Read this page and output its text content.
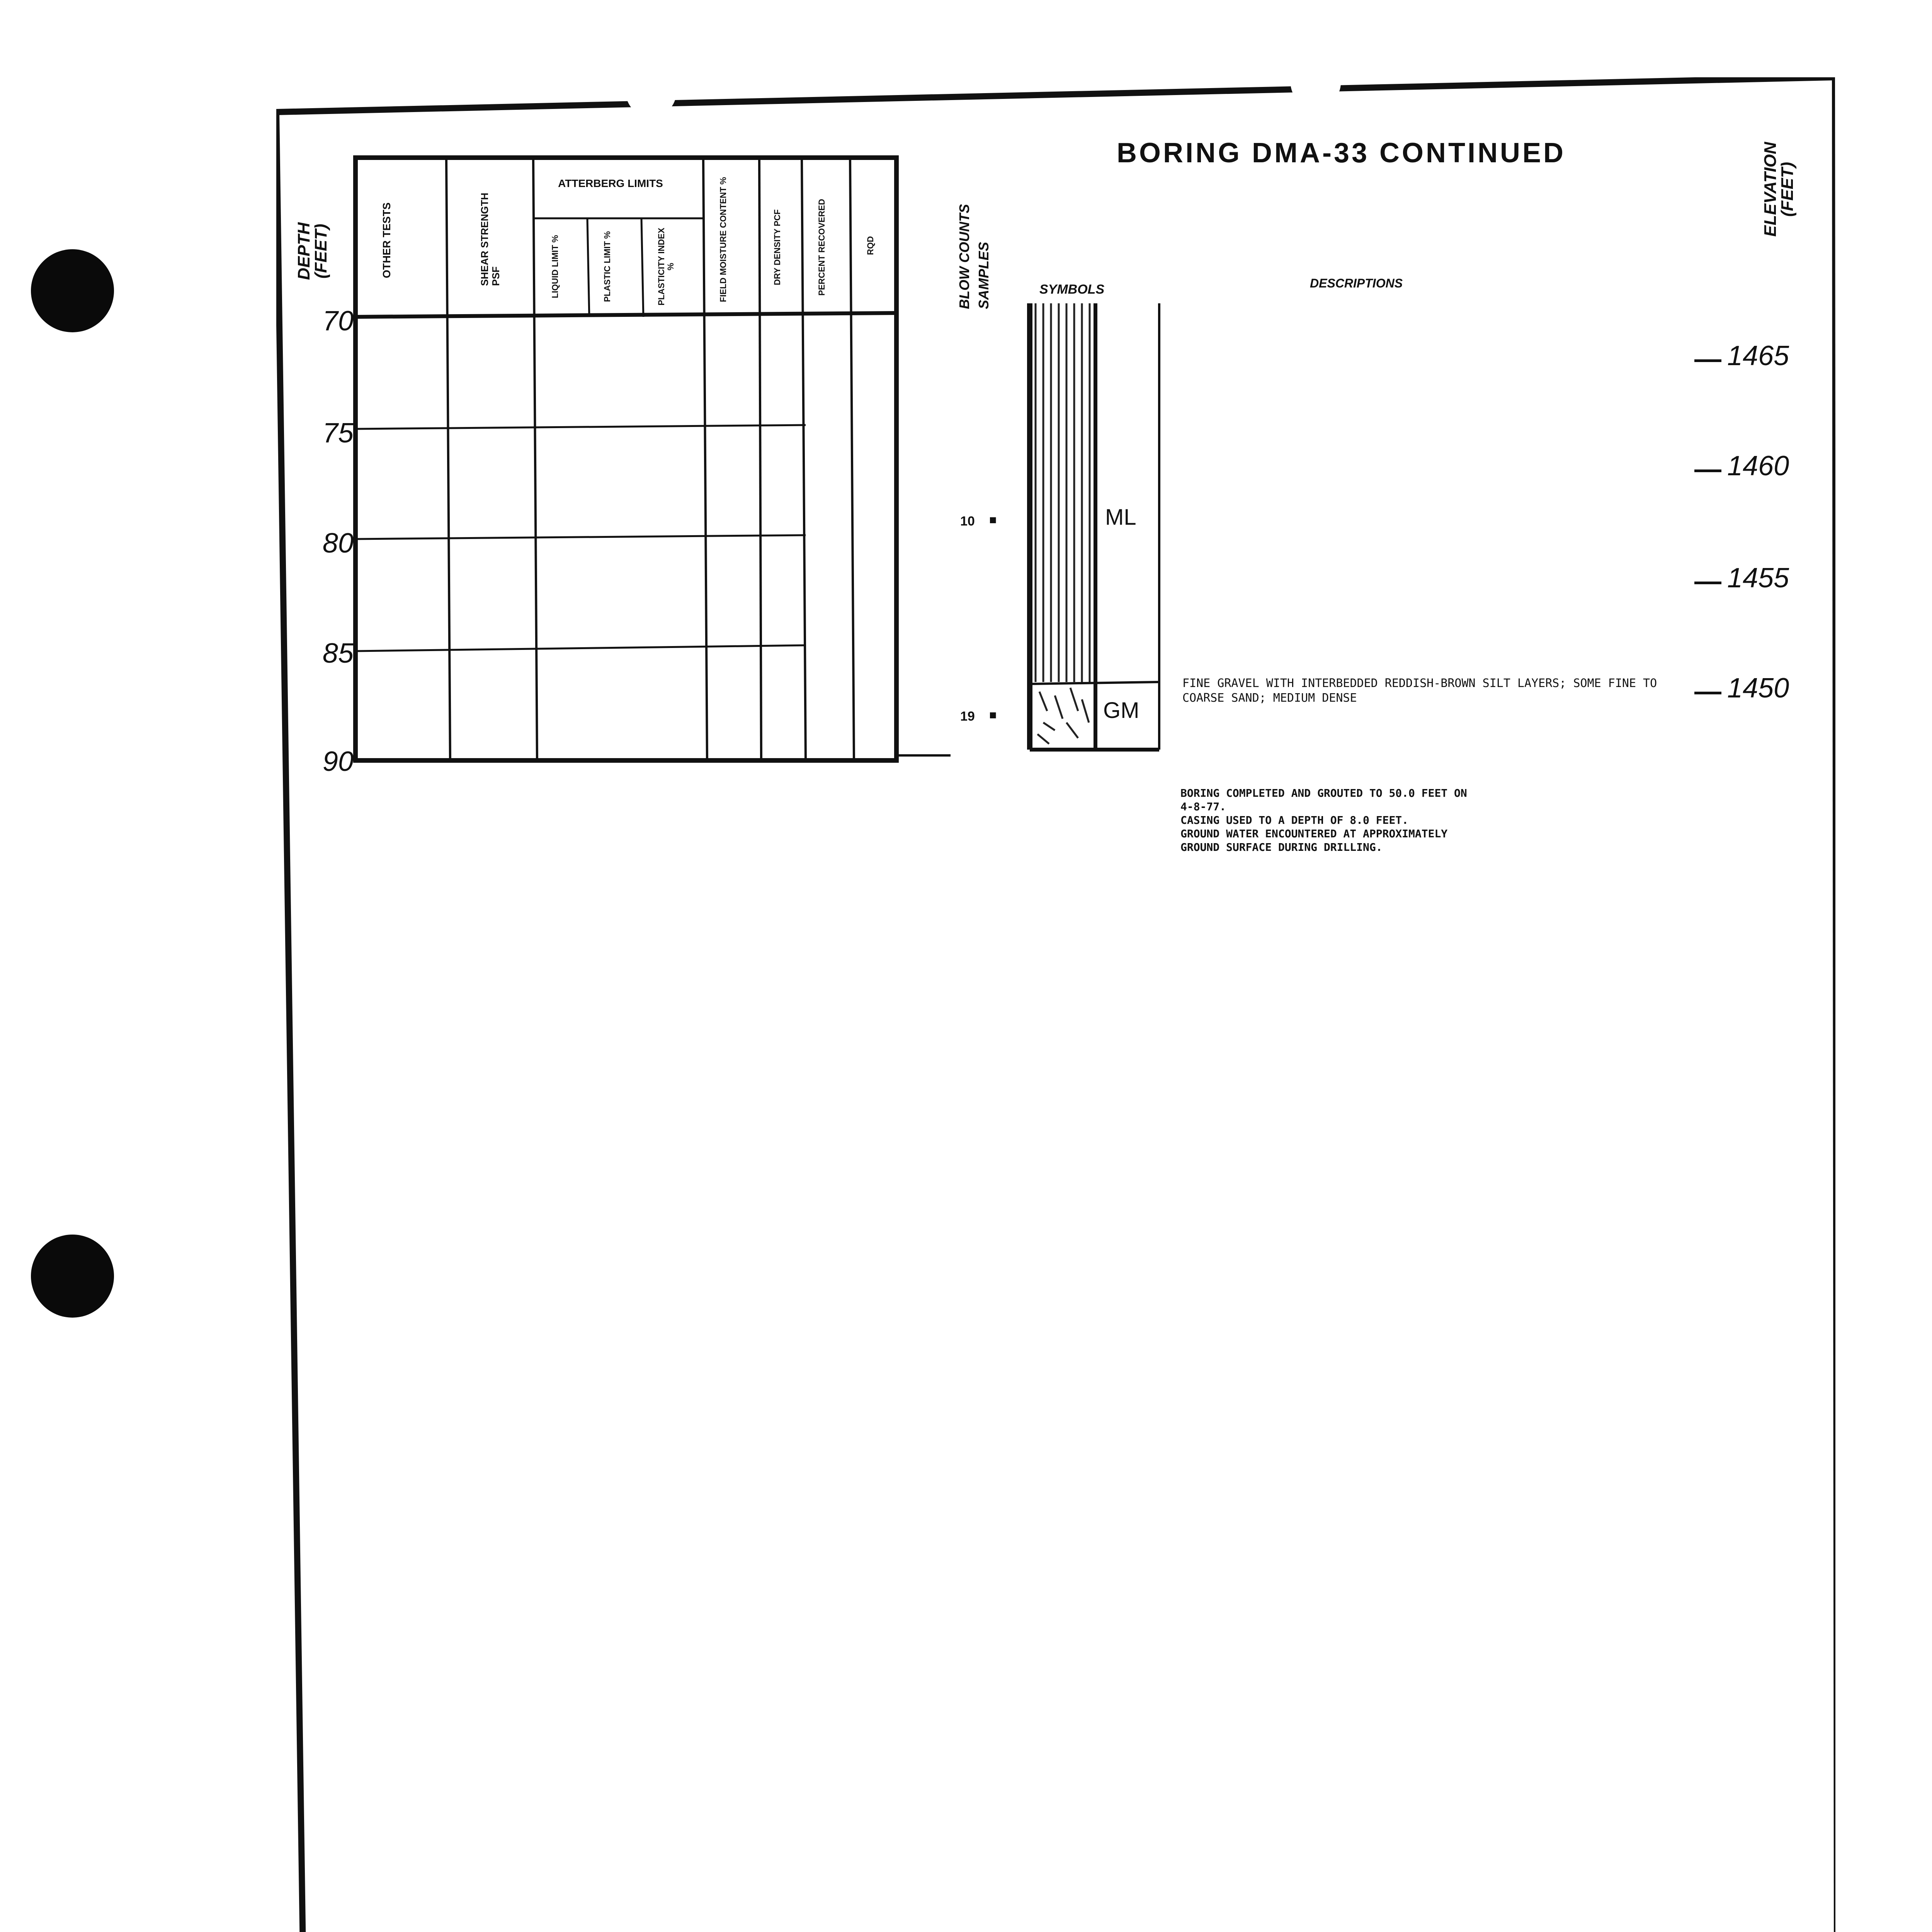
OTHER TESTS	SHEAR STRENGTH PSF
ATTERBERG LIMITS
LIQUID LIMIT %	PLASTIC LIMIT %	PLASTICITY INDEX %	FIELD MOISTURE CONTENT %	DRY DENSITY PCF	PERCENT RECOVERED	RQD
DEPTH (FEET)
70
75
80
85
90
BLOW COUNTS SAMPLES	SYMBOLS	DESCRIPTIONS
BORING DMA-33 CONTINUED	ELEVATION (FEET)
ML
GM
10 ■
19 ■
FINE GRAVEL WITH INTERBEDDED REDDISH-BROWN SILT LAYERS; SOME FINE TO COARSE SAND; MEDIUM DENSE
BORING COMPLETED AND GROUTED TO 50.0 FEET ON
4-8-77.
CASING USED TO A DEPTH OF 8.0 FEET.
GROUND WATER ENCOUNTERED AT APPROXIMATELY
GROUND SURFACE DURING DRILLING.
1465
1460
1455
1450
